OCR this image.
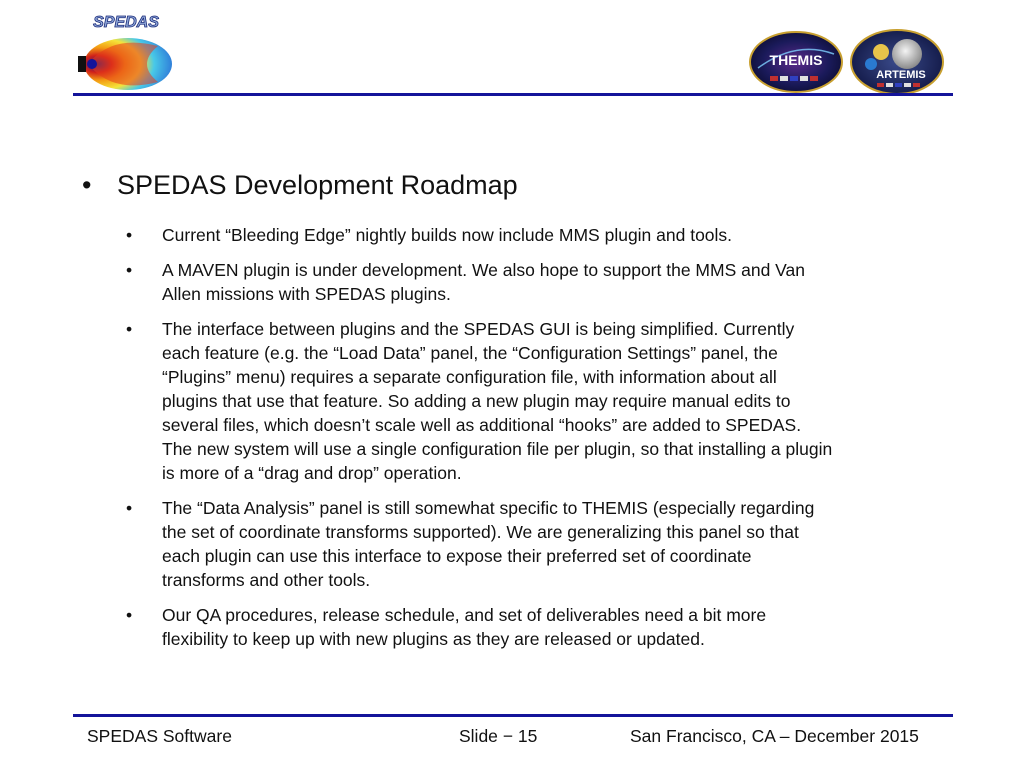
SPEDAS
THEMIS
ARTEMIS
• SPEDAS Development Roadmap
•	Current “Bleeding Edge” nightly builds now include MMS plugin and tools.
•	A MAVEN plugin is under development. We also hope to support the MMS and Van
Allen missions with SPEDAS plugins.
•	The interface between plugins and the SPEDAS GUI is being simplified. Currently
each feature (e.g. the “Load Data” panel, the “Configuration Settings” panel, the
“Plugins” menu) requires a separate configuration file, with information about all
plugins that use that feature. So adding a new plugin may require manual edits to
several files, which doesn’t scale well as additional “hooks” are added to SPEDAS.
The new system will use a single configuration file per plugin, so that installing a plugin
is more of a “drag and drop” operation.
•	The “Data Analysis” panel is still somewhat specific to THEMIS (especially regarding
the set of coordinate transforms supported). We are generalizing this panel so that
each plugin can use this interface to expose their preferred set of coordinate
transforms and other tools.
•	Our QA procedures, release schedule, and set of deliverables need a bit more
flexibility to keep up with new plugins as they are released or updated.
SPEDAS Software	Slide − 15	San Francisco, CA – December 2015
